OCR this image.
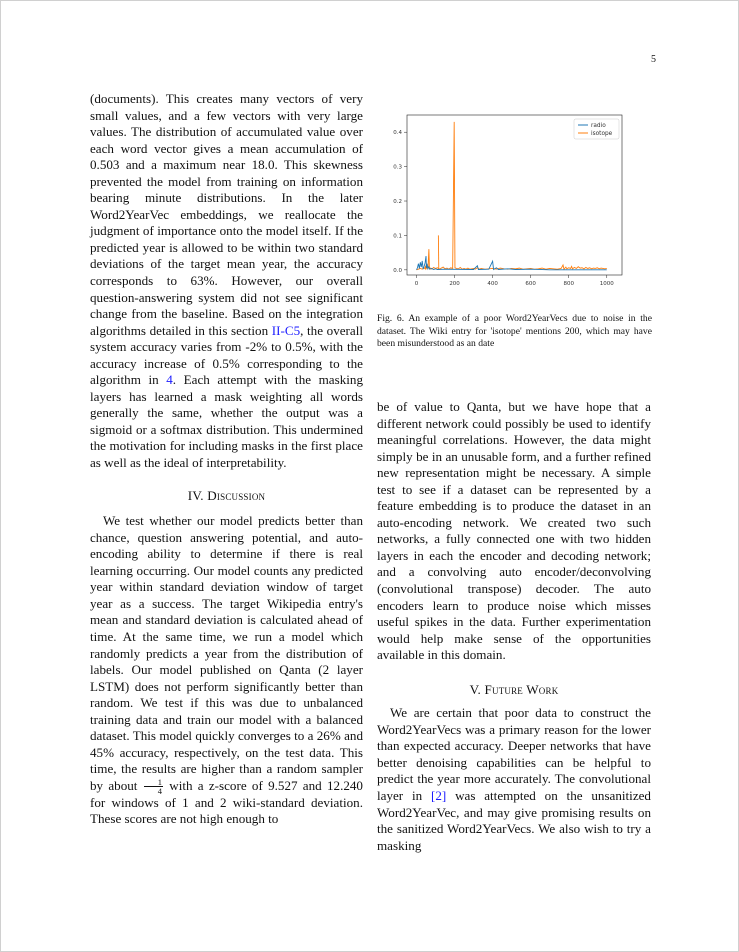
5

(documents). This creates many vectors of very small values, and a few vectors with very large values. The distribution of accumulated value over each word vector gives a mean accumulation of 0.503 and a maximum near 18.0. This skewness prevented the model from training on information bearing minute distributions. In the later Word2YearVec embeddings, we reallocate the judgment of importance onto the model itself. If the predicted year is allowed to be within two standard deviations of the target mean year, the accuracy corresponds to 63%. However, our overall question-answering system did not see significant change from the baseline. Based on the integration algorithms detailed in this section II-C5, the overall system accuracy varies from -2% to 0.5%, with the accuracy increase of 0.5% corresponding to the algorithm in 4. Each attempt with the masking layers has learned a mask weighting all words generally the same, whether the output was a sigmoid or a softmax distribution. This undermined the motivation for including masks in the first place as well as the ideal of interpretability.

IV. Discussion

We test whether our model predicts better than chance, question answering potential, and auto-encoding ability to determine if there is real learning occurring. Our model counts any predicted year within standard deviation window of target year as a success. The target Wikipedia entry's mean and standard deviation is calculated ahead of time. At the same time, we run a model which randomly predicts a year from the distribution of labels. Our model published on Qanta (2 layer LSTM) does not perform significantly better than random. We test if this was due to unbalanced training data and train our model with a balanced dataset. This model quickly converges to a 26% and 45% accuracy, respectively, on the test data. This time, the results are higher than a random sampler by about $\frac{1}{4}$ with a z-score of 9.527 and 12.240 for windows of 1 and 2 wiki-standard deviation. These scores are not high enough to

0	200	400	600	800	1000
0.0
0.1
0.2
0.3
0.4
radio
isotope
Fig. 6. An example of a poor Word2YearVecs due to noise in the dataset. The Wiki entry for 'isotope' mentions 200, which may have been misunderstood as an date

be of value to Qanta, but we have hope that a different network could possibly be used to identify meaningful correlations. However, the data might simply be in an unusable form, and a further refined new representation might be necessary. A simple test to see if a dataset can be represented by a feature embedding is to produce the dataset in an auto-encoding network. We created two such networks, a fully connected one with two hidden layers in each the encoder and decoding network; and a convolving auto encoder/deconvolving (convolutional transpose) decoder. The auto encoders learn to produce noise which misses useful spikes in the data. Further experimentation would help make sense of the opportunities available in this domain.

V. Future Work

We are certain that poor data to construct the Word2YearVecs was a primary reason for the lower than expected accuracy. Deeper networks that have better denoising capabilities can be helpful to predict the year more accurately. The convolutional layer in [2] was attempted on the unsanitized Word2YearVec, and may give promising results on the sanitized Word2YearVecs. We also wish to try a masking
